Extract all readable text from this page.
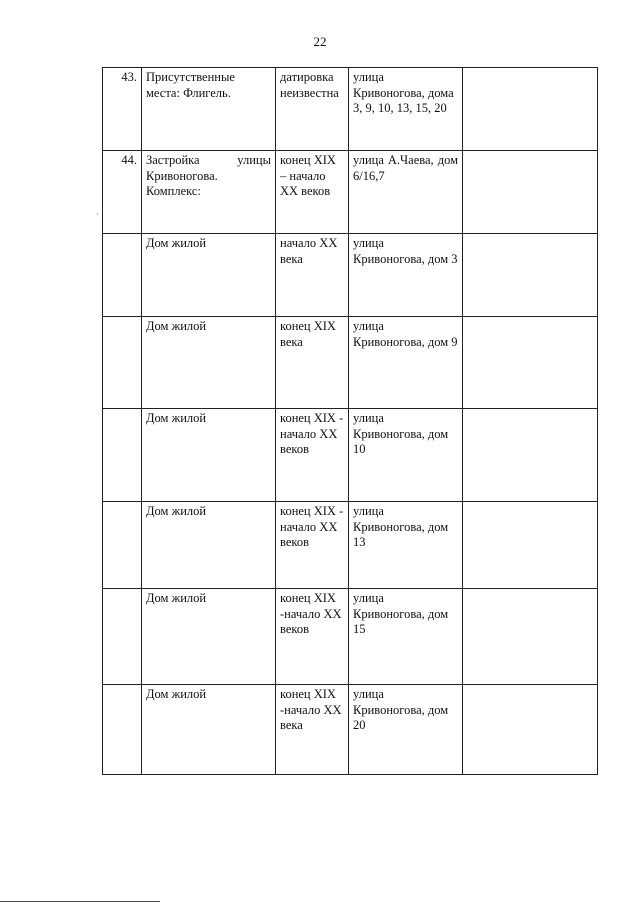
22
`
43.	Присутственные места: Флигель.	датировка неизвестна	улица Кривоногова, дома 3, 9, 10, 13, 15, 20	

44.	Застройка улицы Кривоногова. Комплекс:	конец XIX – начало XX веков	улица А.Чаева, дом 6/16,7	

	Дом жилой	начало XX века	улица Кривоногова, дом 3	

	Дом жилой	конец XIX века	улица Кривоногова, дом 9	

	Дом жилой	конец XIX - начало XX веков	улица Кривоногова, дом 10	

	Дом жилой	конец XIX - начало XX веков	улица Кривоногова, дом 13	

	Дом жилой	конец XIX -начало XX веков	улица Кривоногова, дом 15	

	Дом жилой	конец XIX -начало XX века	улица Кривоногова, дом 20	
